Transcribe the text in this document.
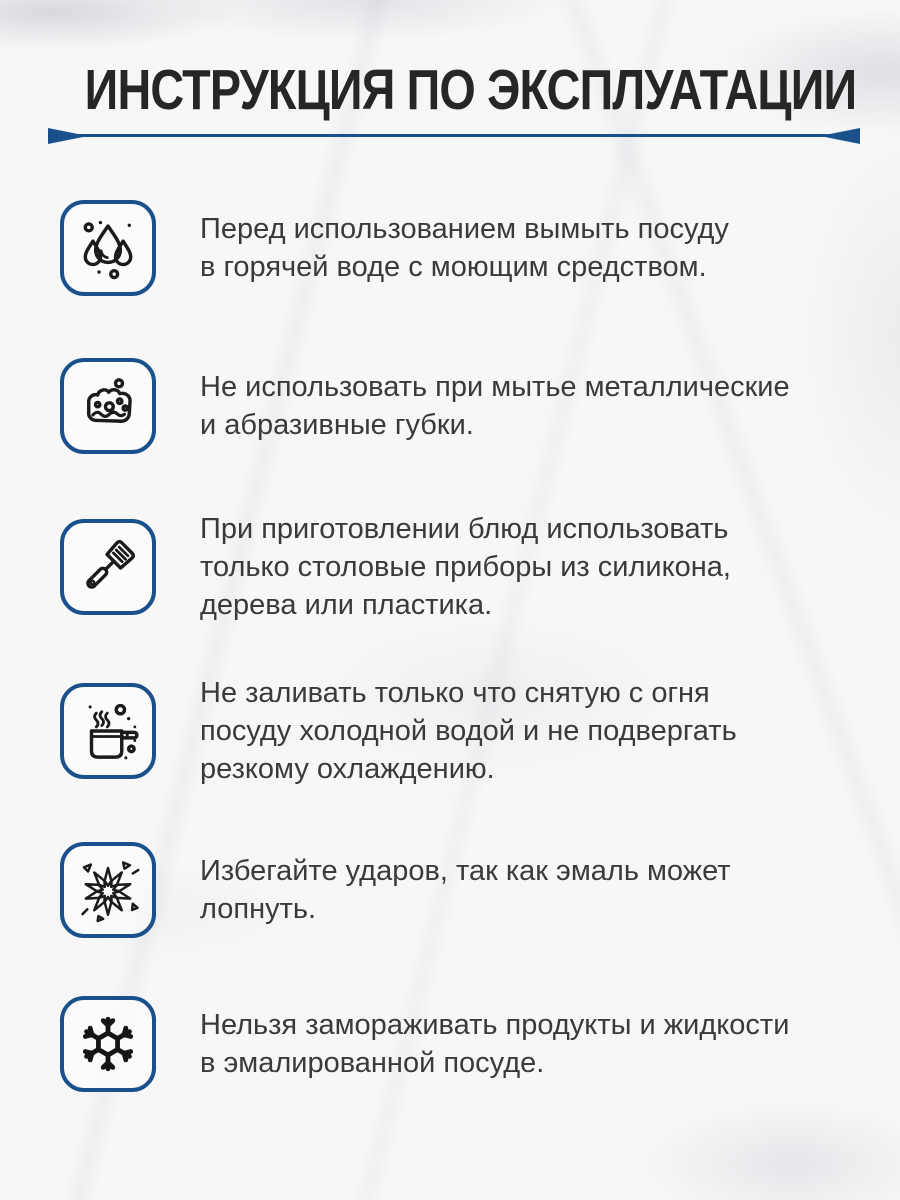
ИНСТРУКЦИЯ ПО ЭКСПЛУАТАЦИИ
Перед использованием вымыть посуду
в горячей воде с моющим средством.
Не использовать при мытье металлические
и абразивные губки.
При приготовлении блюд использовать
только столовые приборы из силикона,
дерева или пластика.
Не заливать только что снятую с огня
посуду холодной водой и не подвергать
резкому охлаждению.
Избегайте ударов, так как эмаль может
лопнуть.
Нельзя замораживать продукты и жидкости
в эмалированной посуде.
